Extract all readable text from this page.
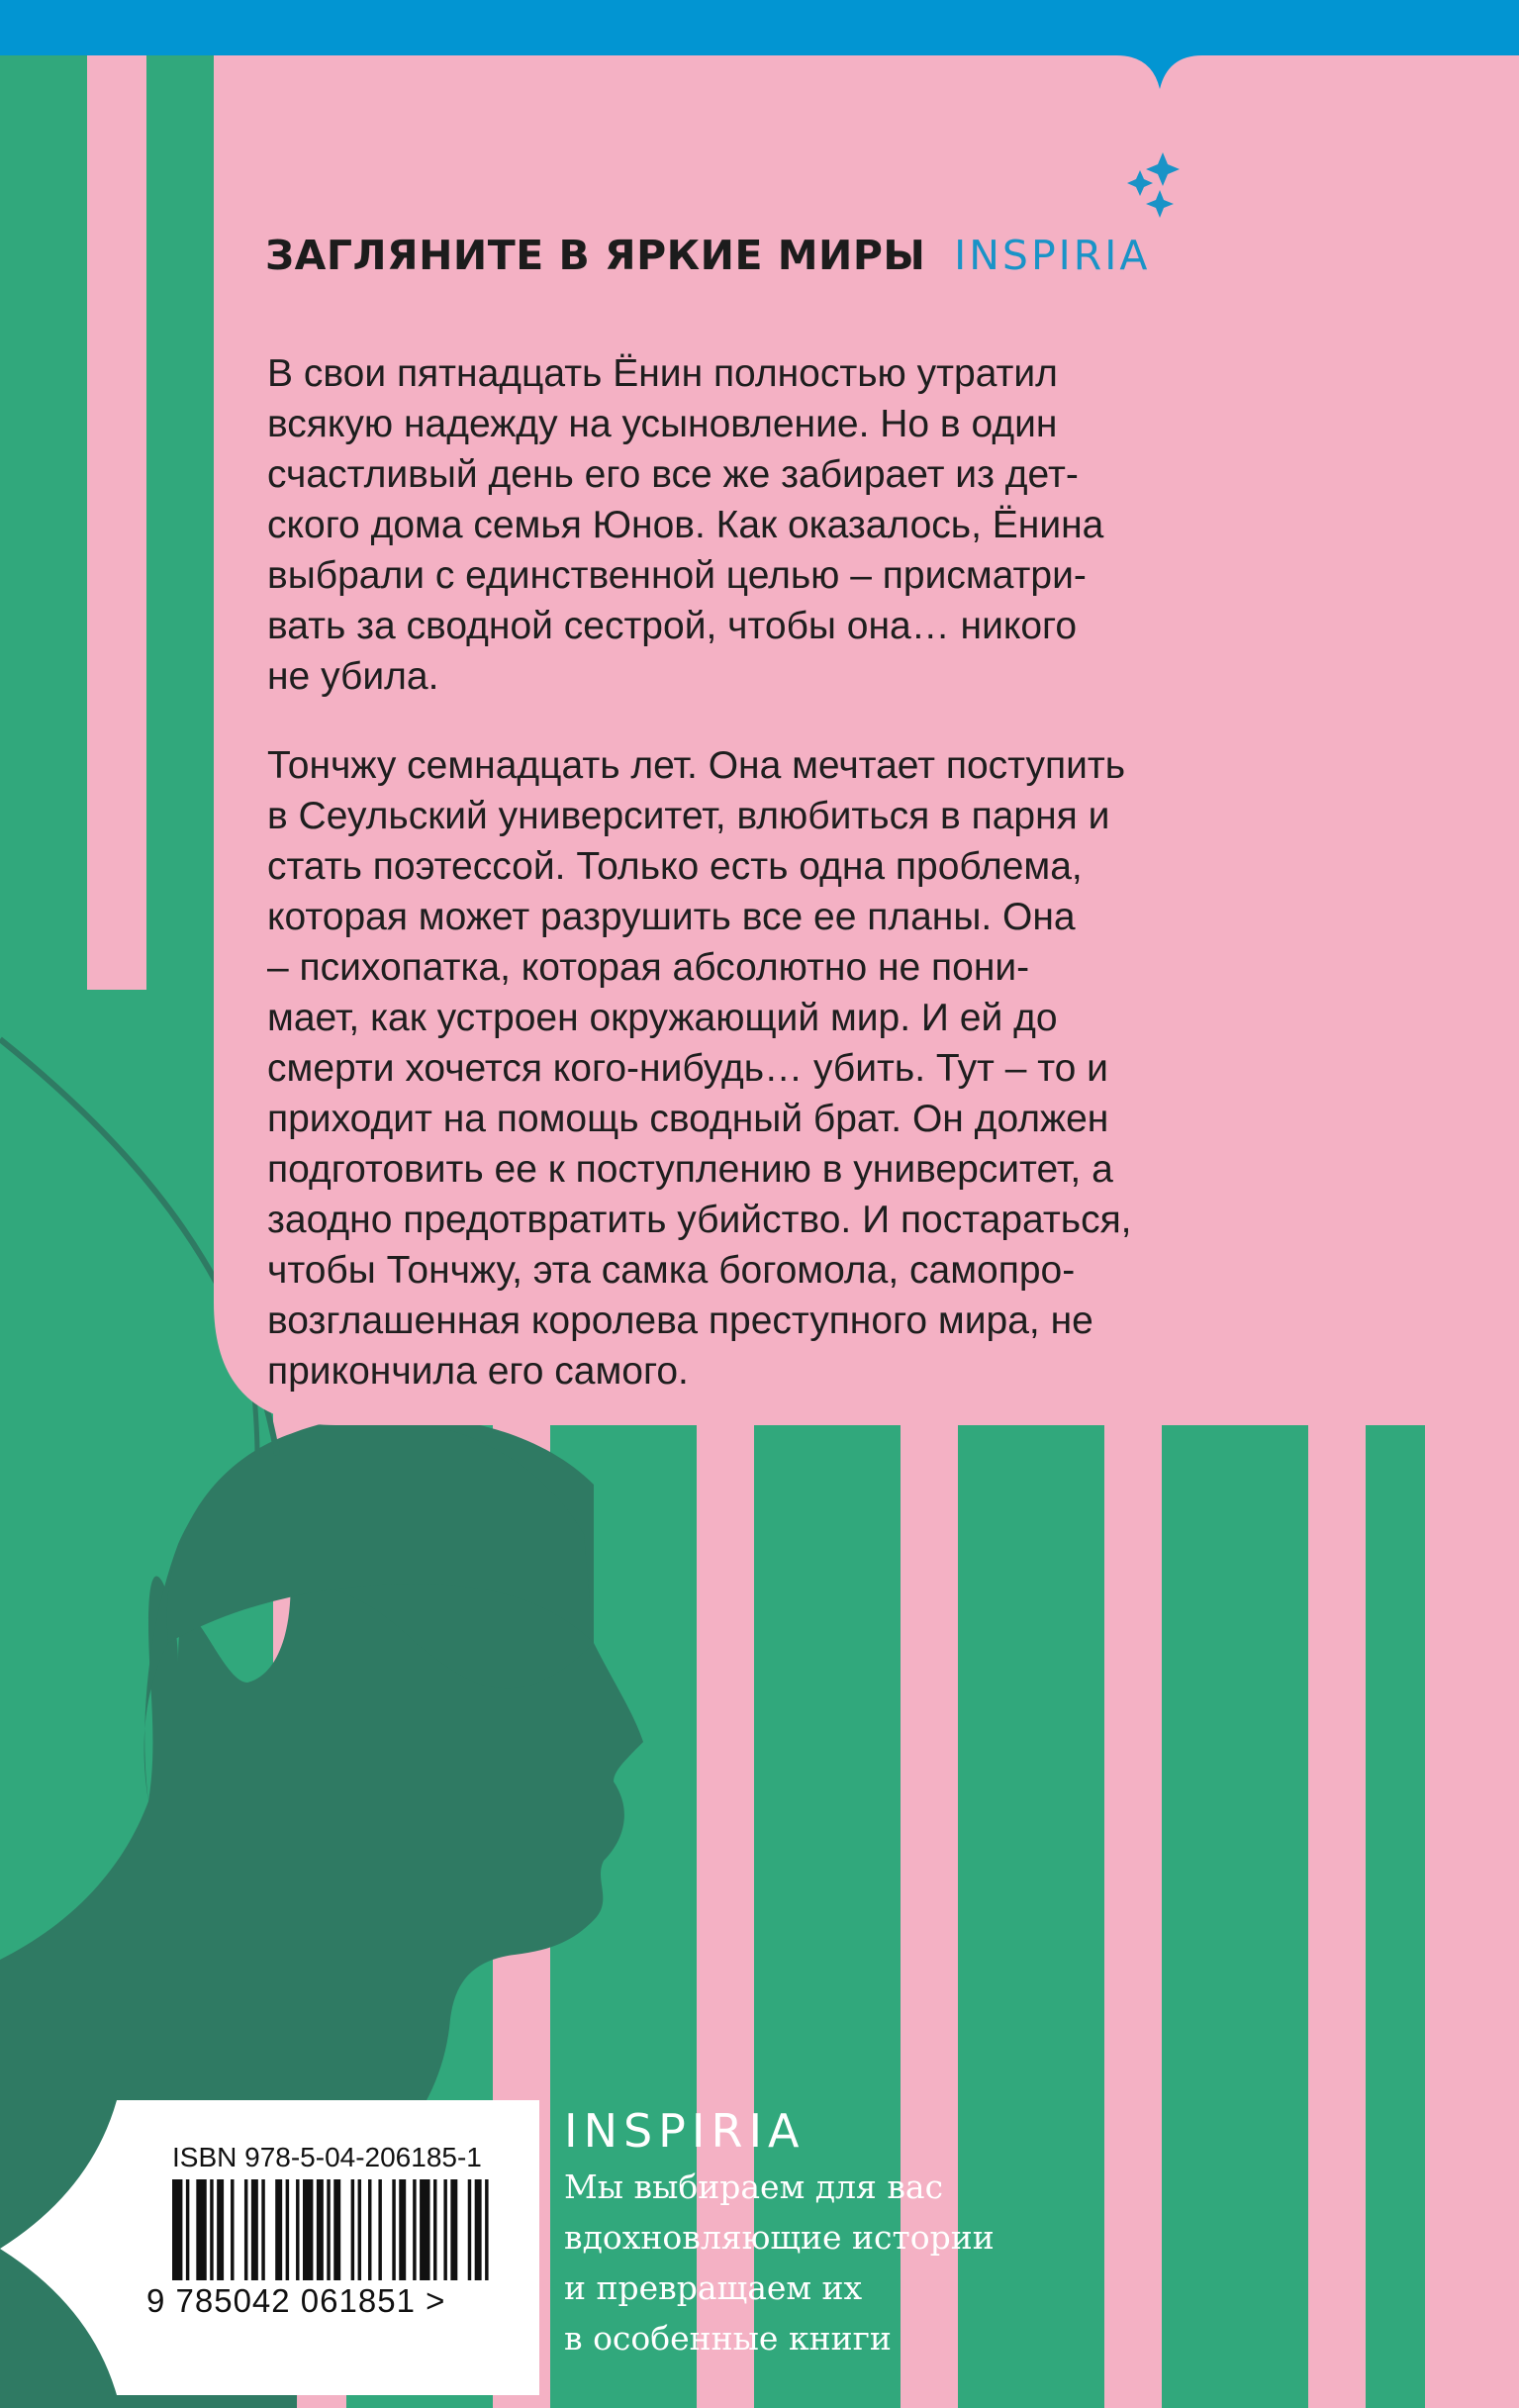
ЗАГЛЯНИТЕ В ЯРКИЕ МИРЫ INSPIRIA

В свои пятнадцать Ёнин полностью утратил
всякую надежду на усыновление. Но в один
счастливый день его все же забирает из дет-
ского дома семья Юнов. Как оказалось, Ёнина
выбрали с единственной целью – присматри-
вать за сводной сестрой, чтобы она… никого
не убила.

Тончжу семнадцать лет. Она мечтает поступить
в Сеульский университет, влюбиться в парня и
стать поэтессой. Только есть одна проблема,
которая может разрушить все ее планы. Она
– психопатка, которая абсолютно не пони-
мает, как устроен окружающий мир. И ей до
смерти хочется кого-нибудь… убить. Тут – то и
приходит на помощь сводный брат. Он должен
подготовить ее к поступлению в университет, а
заодно предотвратить убийство. И постараться,
чтобы Тончжу, эта самка богомола, самопро-
возглашенная королева преступного мира, не
прикончила его самого.

INSPIRIA
Мы выбираем для вас
вдохновляющие истории
и превращаем их
в особенные книги
ISBN 978-5-04-206185-1
9 785042 061851 >
